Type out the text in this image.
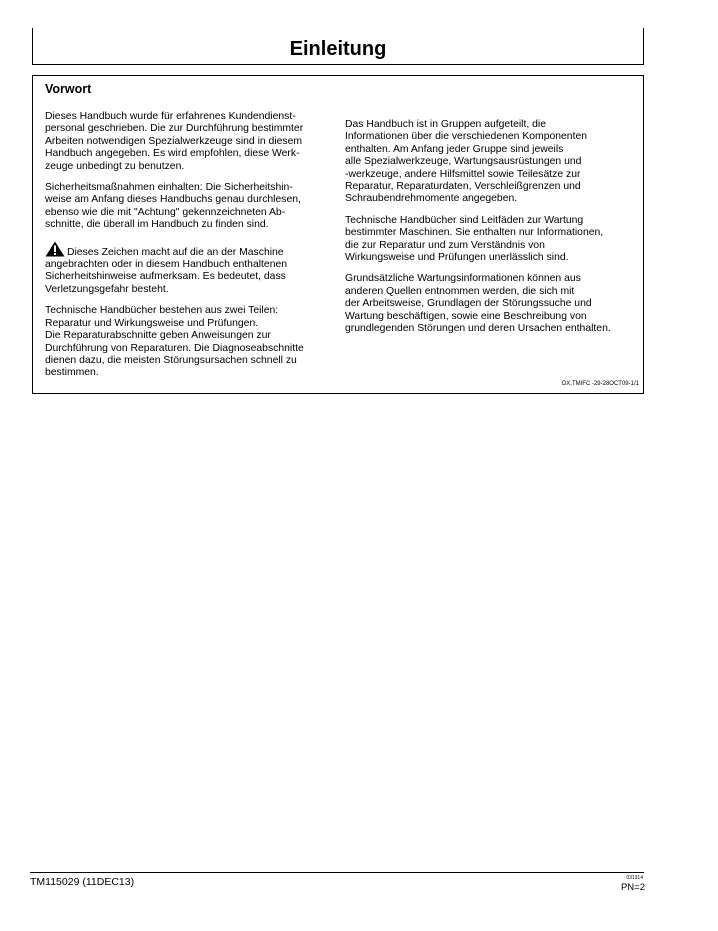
Einleitung
Vorwort

Dieses Handbuch wurde für erfahrenes Kundendienst-
personal geschrieben. Die zur Durchführung bestimmter
Arbeiten notwendigen Spezialwerkzeuge sind in diesem
Handbuch angegeben. Es wird empfohlen, diese Werk-
zeuge unbedingt zu benutzen.

Sicherheitsmaßnahmen einhalten: Die Sicherheitshin-
weise am Anfang dieses Handbuchs genau durchlesen,
ebenso wie die mit "Achtung" gekennzeichneten Ab-
schnitte, die überall im Handbuch zu finden sind.

Dieses Zeichen macht auf die an der Maschine
angebrachten oder in diesem Handbuch enthaltenen
Sicherheitshinweise aufmerksam. Es bedeutet, dass
Verletzungsgefahr besteht.

Technische Handbücher bestehen aus zwei Teilen:
Reparatur und Wirkungsweise und Prüfungen.
Die Reparaturabschnitte geben Anweisungen zur
Durchführung von Reparaturen. Die Diagnoseabschnitte
dienen dazu, die meisten Störungsursachen schnell zu
bestimmen.

Das Handbuch ist in Gruppen aufgeteilt, die
Informationen über die verschiedenen Komponenten
enthalten. Am Anfang jeder Gruppe sind jeweils
alle Spezialwerkzeuge, Wartungsausrüstungen und
-werkzeuge, andere Hilfsmittel sowie Teilesätze zur
Reparatur, Reparaturdaten, Verschleißgrenzen und
Schraubendrehmomente angegeben.

Technische Handbücher sind Leitfäden zur Wartung
bestimmter Maschinen. Sie enthalten nur Informationen,
die zur Reparatur und zum Verständnis von
Wirkungsweise und Prüfungen unerlässlich sind.

Grundsätzliche Wartungsinformationen können aus
anderen Quellen entnommen werden, die sich mit
der Arbeitsweise, Grundlagen der Störungssuche und
Wartung beschäftigen, sowie eine Beschreibung von
grundlegenden Störungen und deren Ursachen enthalten.

DX,TMIFC -29-28OCT09-1/1
TM115029 (11DEC13)	031314
PN=2
